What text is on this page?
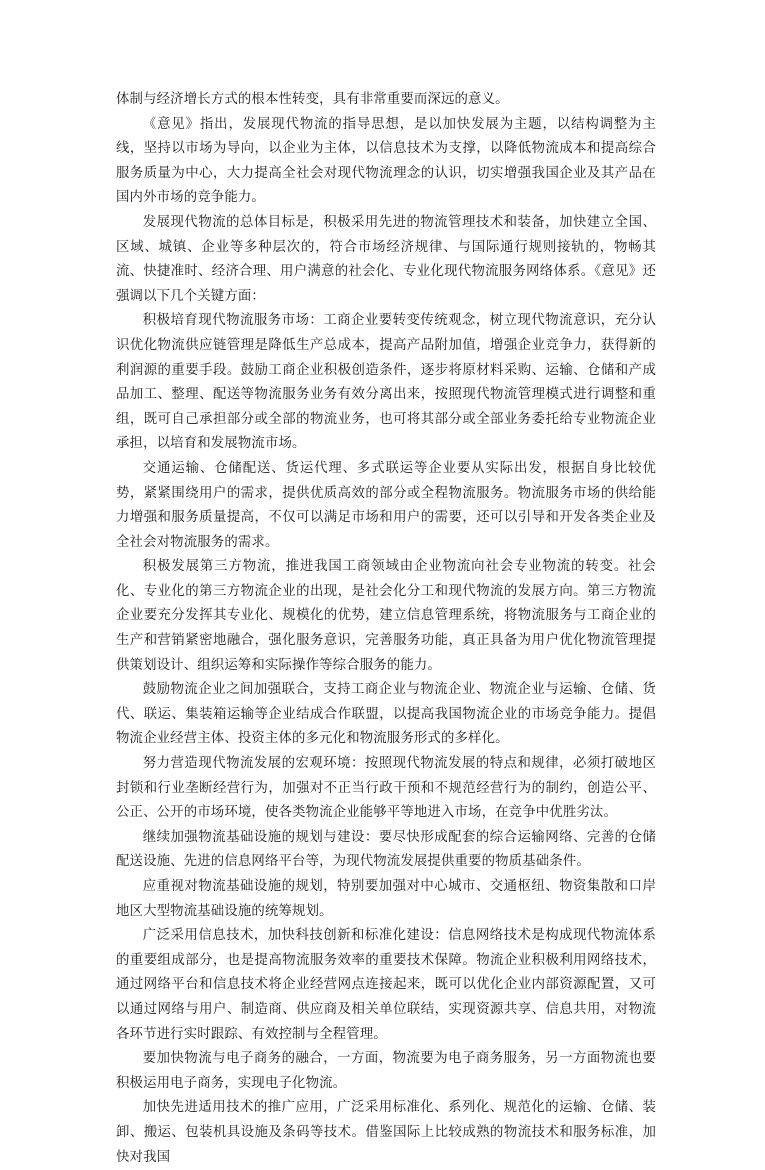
体制与经济增长方式的根本性转变，具有非常重要而深远的意义。

《意见》指出，发展现代物流的指导思想，是以加快发展为主题，以结构调整为主线，坚持以市场为导向，以企业为主体，以信息技术为支撑，以降低物流成本和提高综合服务质量为中心，大力提高全社会对现代物流理念的认识，切实增强我国企业及其产品在国内外市场的竞争能力。

发展现代物流的总体目标是，积极采用先进的物流管理技术和装备，加快建立全国、区域、城镇、企业等多种层次的，符合市场经济规律、与国际通行规则接轨的，物畅其流、快捷准时、经济合理、用户满意的社会化、专业化现代物流服务网络体系。《意见》还强调以下几个关键方面：

积极培育现代物流服务市场：工商企业要转变传统观念，树立现代物流意识，充分认识优化物流供应链管理是降低生产总成本，提高产品附加值，增强企业竞争力，获得新的利润源的重要手段。鼓励工商企业积极创造条件，逐步将原材料采购、运输、仓储和产成品加工、整理、配送等物流服务业务有效分离出来，按照现代物流管理模式进行调整和重组，既可自己承担部分或全部的物流业务，也可将其部分或全部业务委托给专业物流企业承担，以培育和发展物流市场。

交通运输、仓储配送、货运代理、多式联运等企业要从实际出发，根据自身比较优势，紧紧围绕用户的需求，提供优质高效的部分或全程物流服务。物流服务市场的供给能力增强和服务质量提高，不仅可以满足市场和用户的需要，还可以引导和开发各类企业及全社会对物流服务的需求。

积极发展第三方物流，推进我国工商领域由企业物流向社会专业物流的转变。社会化、专业化的第三方物流企业的出现，是社会化分工和现代物流的发展方向。第三方物流企业要充分发挥其专业化、规模化的优势，建立信息管理系统，将物流服务与工商企业的生产和营销紧密地融合，强化服务意识，完善服务功能，真正具备为用户优化物流管理提供策划设计、组织运筹和实际操作等综合服务的能力。

鼓励物流企业之间加强联合，支持工商企业与物流企业、物流企业与运输、仓储、货代、联运、集装箱运输等企业结成合作联盟，以提高我国物流企业的市场竞争能力。提倡物流企业经营主体、投资主体的多元化和物流服务形式的多样化。

努力营造现代物流发展的宏观环境：按照现代物流发展的特点和规律，必须打破地区封锁和行业垄断经营行为，加强对不正当行政干预和不规范经营行为的制约，创造公平、公正、公开的市场环境，使各类物流企业能够平等地进入市场，在竞争中优胜劣汰。

继续加强物流基础设施的规划与建设：要尽快形成配套的综合运输网络、完善的仓储配送设施、先进的信息网络平台等，为现代物流发展提供重要的物质基础条件。

应重视对物流基础设施的规划，特别要加强对中心城市、交通枢纽、物资集散和口岸地区大型物流基础设施的统筹规划。

广泛采用信息技术，加快科技创新和标准化建设：信息网络技术是构成现代物流体系的重要组成部分，也是提高物流服务效率的重要技术保障。物流企业积极利用网络技术，通过网络平台和信息技术将企业经营网点连接起来，既可以优化企业内部资源配置，又可以通过网络与用户、制造商、供应商及相关单位联结，实现资源共享、信息共用，对物流各环节进行实时跟踪、有效控制与全程管理。

要加快物流与电子商务的融合，一方面，物流要为电子商务服务，另一方面物流也要积极运用电子商务，实现电子化物流。

加快先进适用技术的推广应用，广泛采用标准化、系列化、规范化的运输、仓储、装卸、搬运、包装机具设施及条码等技术。借鉴国际上比较成熟的物流技术和服务标准，加快对我国
